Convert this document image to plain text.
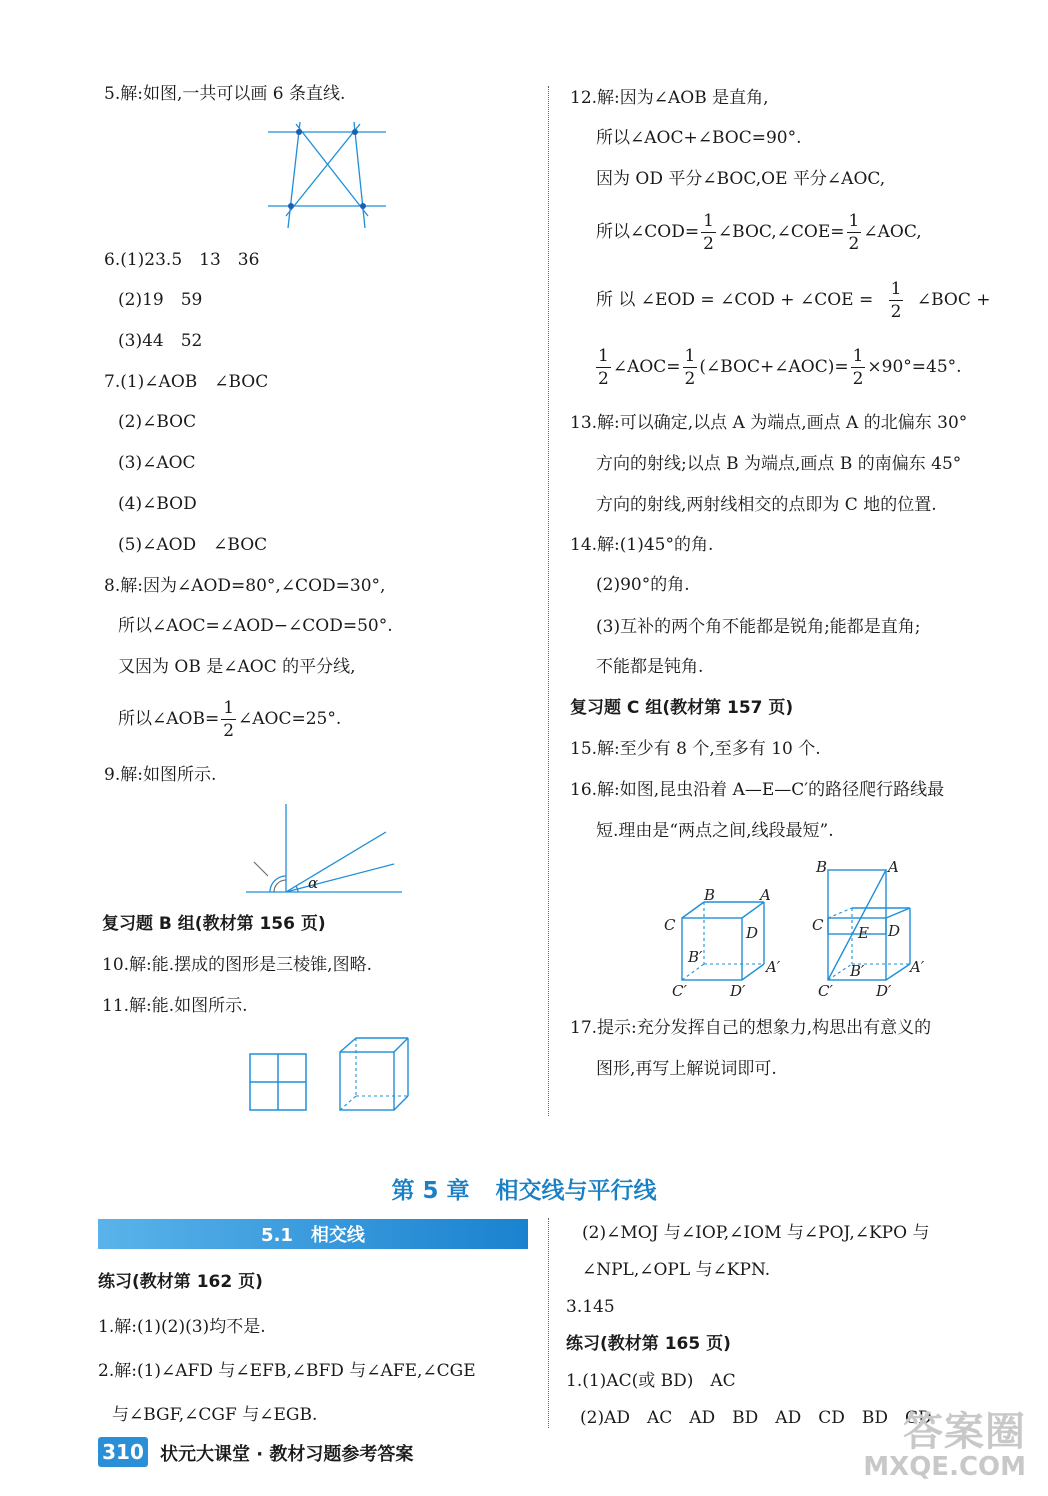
5.解:如图,一共可以画 6 条直线.
6.(1)23.5　13　36
(2)19　59
(3)44　52
7.(1)∠AOB　∠BOC
(2)∠BOC
(3)∠AOC
(4)∠BOD
(5)∠AOD　∠BOC
8.解:因为∠AOD=80°,∠COD=30°,
所以∠AOC=∠AOD−∠COD=50°.
又因为 OB 是∠AOC 的平分线,
所以∠AOB= $\frac{1}{2}$ ∠AOC=25°.
9.解:如图所示.
α
复习题 B 组(教材第 156 页)
10.解:能.摆成的图形是三棱锥,图略.
11.解:能.如图所示.
12.解:因为∠AOB 是直角,
所以∠AOC+∠BOC=90°.
因为 OD 平分∠BOC,OE 平分∠AOC,
所以∠COD= $\frac{1}{2}$ ∠BOC,∠COE= $\frac{1}{2}$ ∠AOC,
所 以 ∠EOD = ∠COD + ∠COE = $\frac{1}{2}$ ∠BOC +
$\frac{1}{2}$ ∠AOC= $\frac{1}{2}$ (∠BOC+∠AOC)= $\frac{1}{2} \times 90^\circ=45^\circ$.
13.解:可以确定,以点 A 为端点,画点 A 的北偏东 30°
方向的射线;以点 B 为端点,画点 B 的南偏东 45°
方向的射线,两射线相交的点即为 C 地的位置.
14.解:(1)45°的角.
(2)90°的角.
(3)互补的两个角不能都是锐角;能都是直角;
不能都是钝角.
复习题 C 组(教材第 157 页)
15.解:至少有 8 个,至多有 10 个.
16.解:如图,昆虫沿着 A—E—C′的路径爬行路线最
短.理由是“两点之间,线段最短”.
B	A
C	D
B′
A′
C′	D′
B	A
C E D
B′	A′
C′	D′
17.提示:充分发挥自己的想象力,构思出有意义的
图形,再写上解说词即可.
第 5 章 相交线与平行线
5.1　相交线
练习(教材第 162 页)
1.解:(1)(2)(3)均不是.
2.解:(1)∠AFD 与∠EFB,∠BFD 与∠AFE,∠CGE
与∠BGF,∠CGF 与∠EGB.
(2)∠MOJ 与∠IOP,∠IOM 与∠POJ,∠KPO 与
∠NPL,∠OPL 与∠KPN.
3.145
练习(教材第 165 页)
1.(1)AC(或 BD)　AC
(2)AD　AC　AD　BD　AD　CD　BD　CD
310 状元大课堂 · 教材习题参考答案	答案圈
MXQE.COM
